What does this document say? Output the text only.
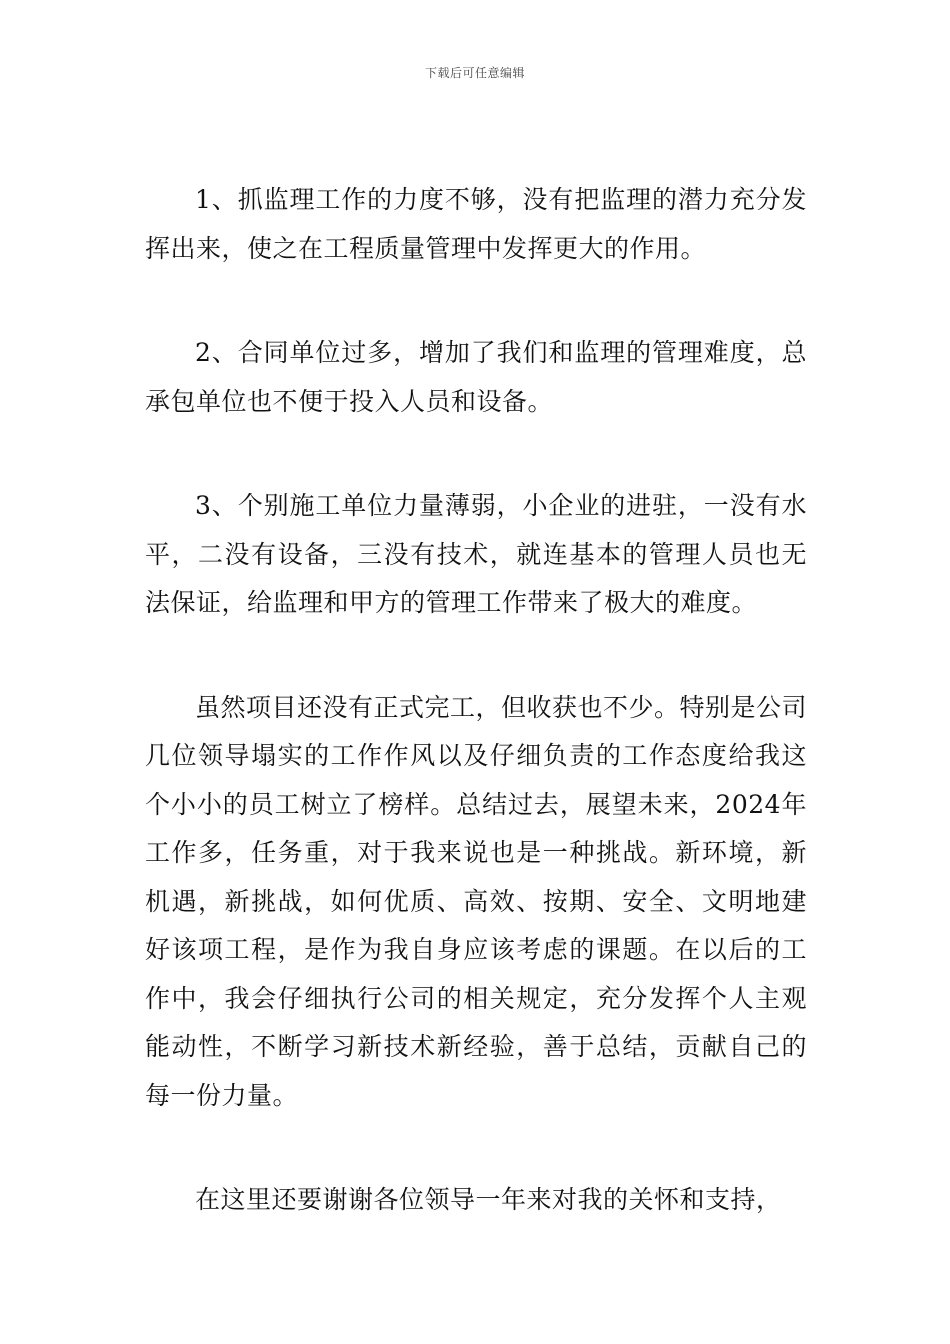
下载后可任意编辑

1、抓监理工作的力度不够，没有把监理的潜力充分发挥出来，使之在工程质量管理中发挥更大的作用。

2、合同单位过多，增加了我们和监理的管理难度，总承包单位也不便于投入人员和设备。

3、个别施工单位力量薄弱，小企业的进驻，一没有水平，二没有设备，三没有技术，就连基本的管理人员也无法保证，给监理和甲方的管理工作带来了极大的难度。

虽然项目还没有正式完工，但收获也不少。特别是公司几位领导塌实的工作作风以及仔细负责的工作态度给我这个小小的员工树立了榜样。总结过去，展望未来，2024年工作多，任务重，对于我来说也是一种挑战。新环境，新机遇，新挑战，如何优质、高效、按期、安全、文明地建好该项工程，是作为我自身应该考虑的课题。在以后的工作中，我会仔细执行公司的相关规定，充分发挥个人主观能动性，不断学习新技术新经验，善于总结，贡献自己的每一份力量。

在这里还要谢谢各位领导一年来对我的关怀和支持，
